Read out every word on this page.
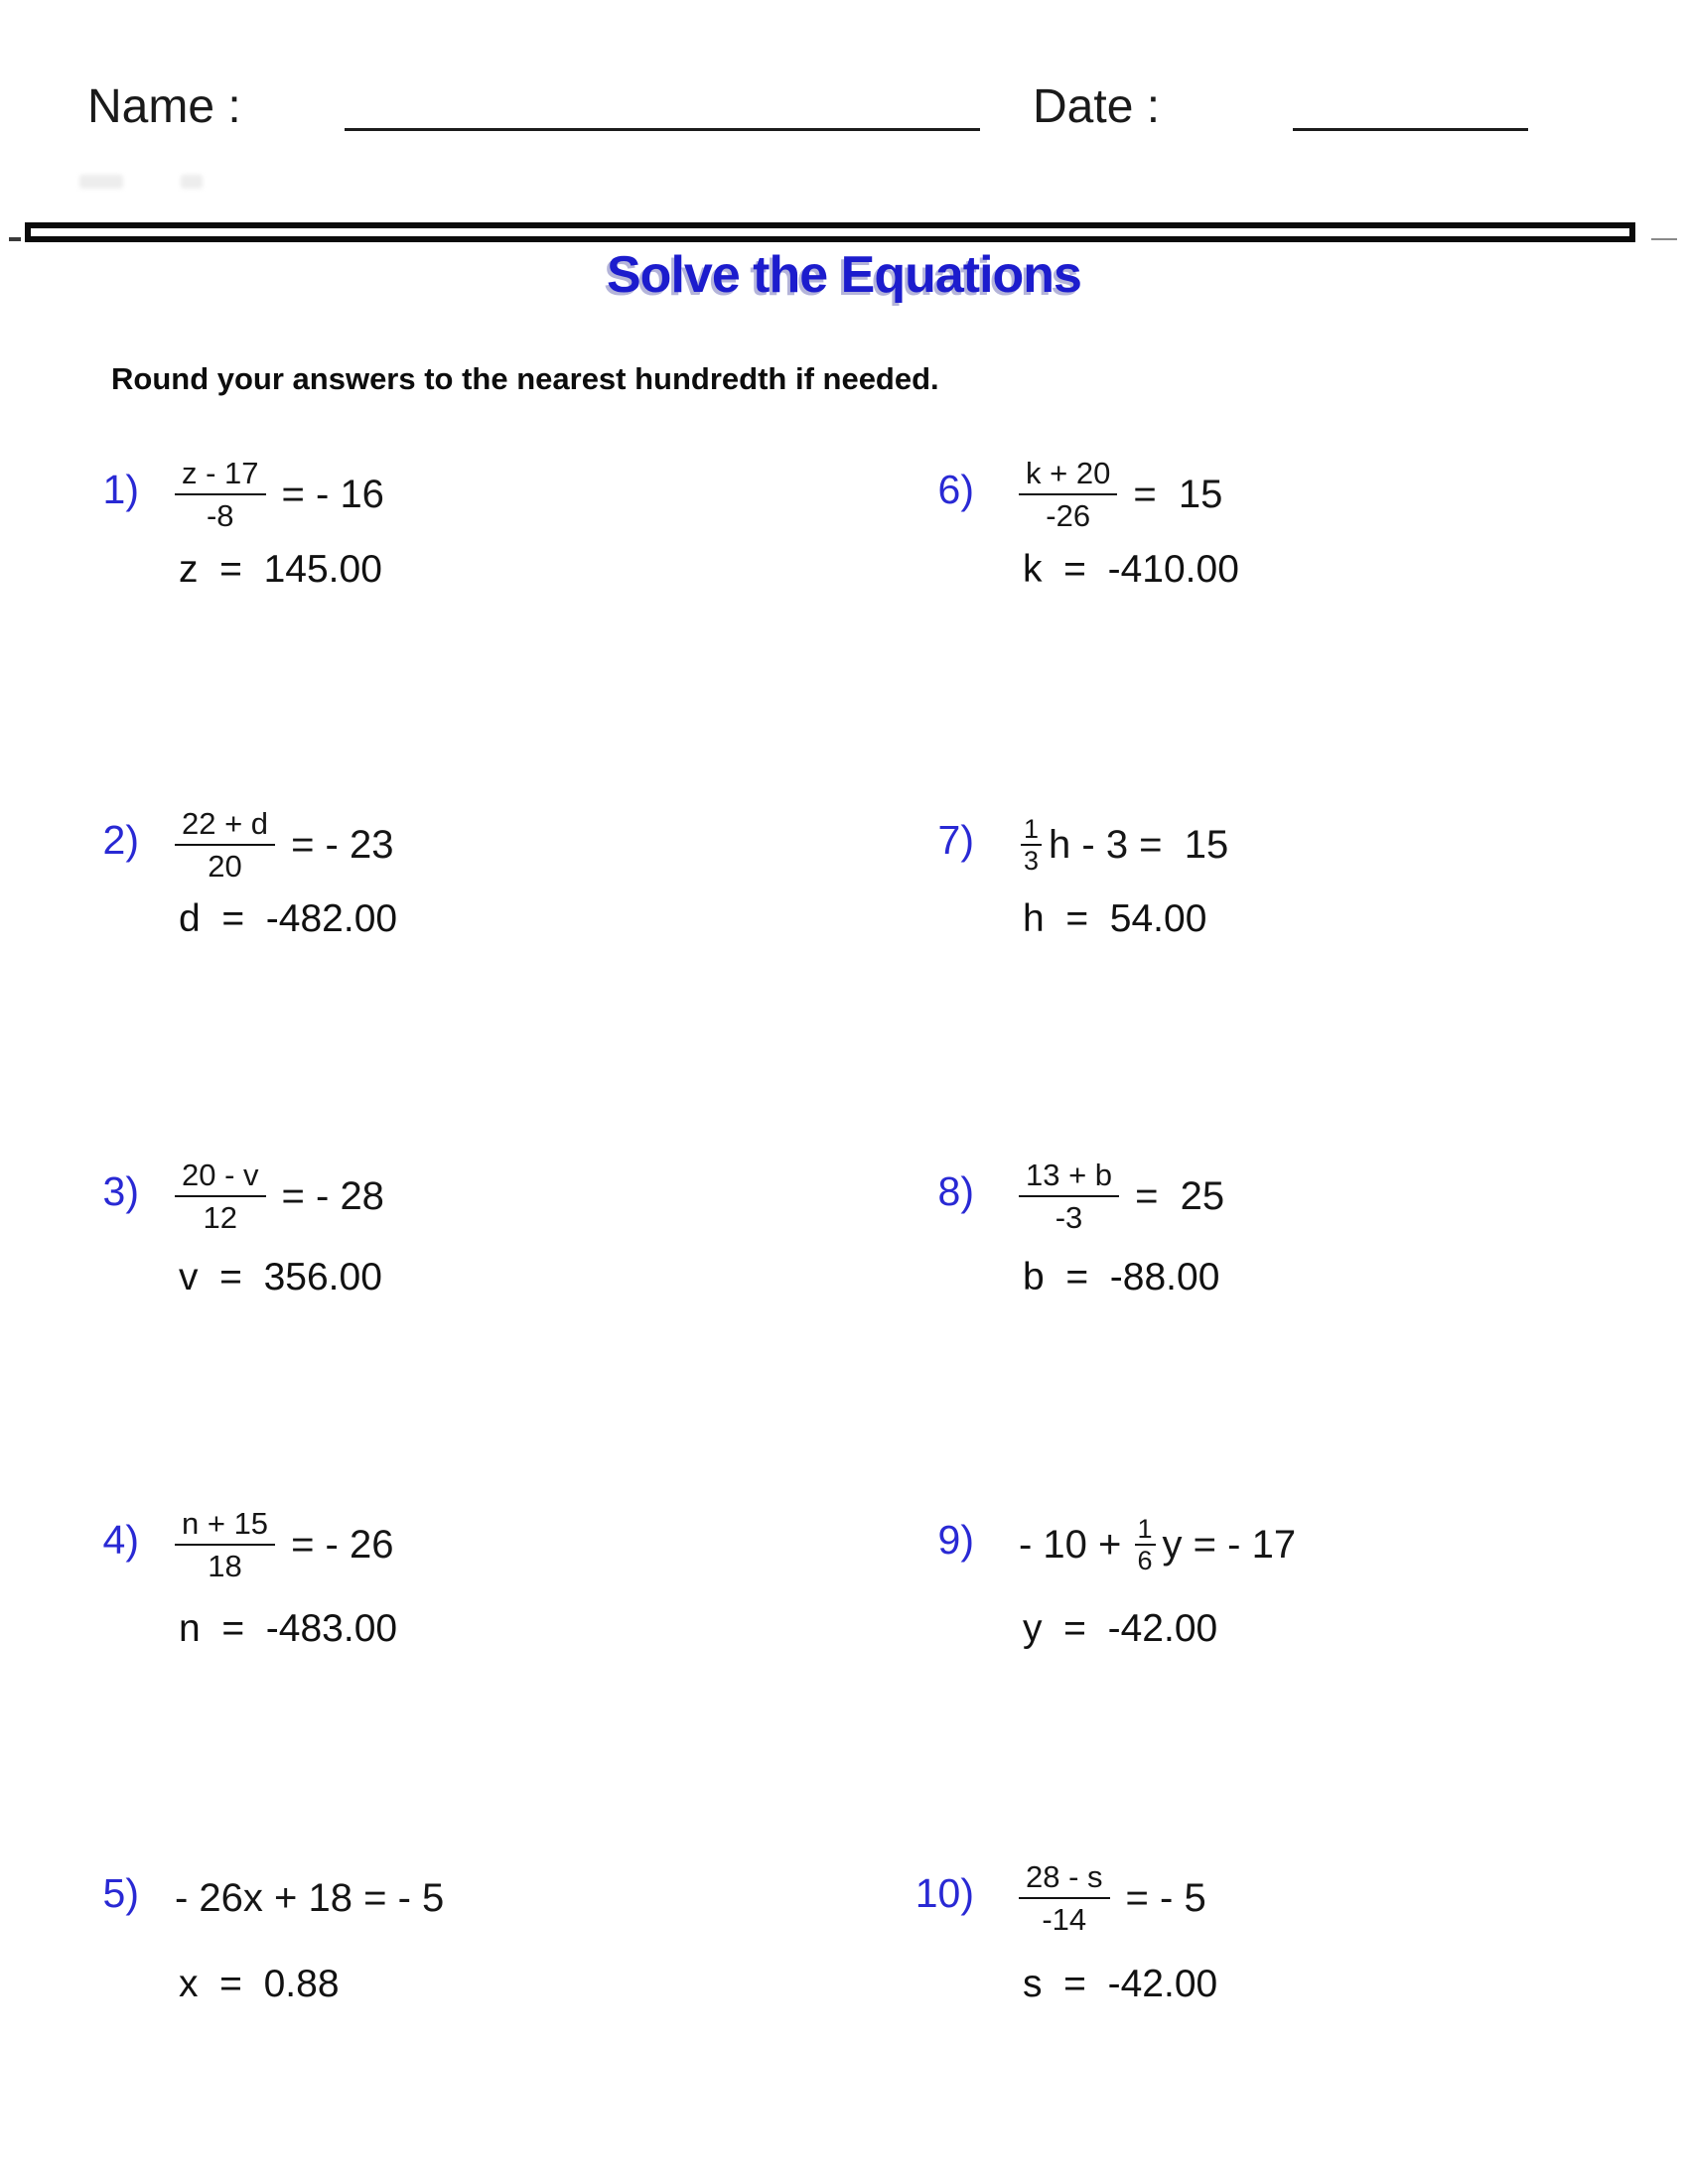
Name :	Date :
Solve the Equations
Round your answers to the nearest hundredth if needed.
$1) \frac{z - 17}{-8}$ = - 16
z  =  145.00
$2) \frac{22 + d}{20}$ = - 23
d  =  -482.00
$3) \frac{20 - v}{12}$ = - 28
v  =  356.00
$4) \frac{n + 15}{18}$ = - 26
n  =  -483.00
5) - 26x + 18 = - 5
x  =  0.88
$6) \frac{k + 20}{-26} = 15$
k  =  -410.00
7) 1
3 h - 3 =  15
h  =  54.00
$8) \frac{13 + b}{-3} = 25$
b  =  -88.00
9) - 10 + 1
6 y = - 17
y  =  -42.00
$10) \frac{28 - s}{-14}$ = - 5
s  =  -42.00
